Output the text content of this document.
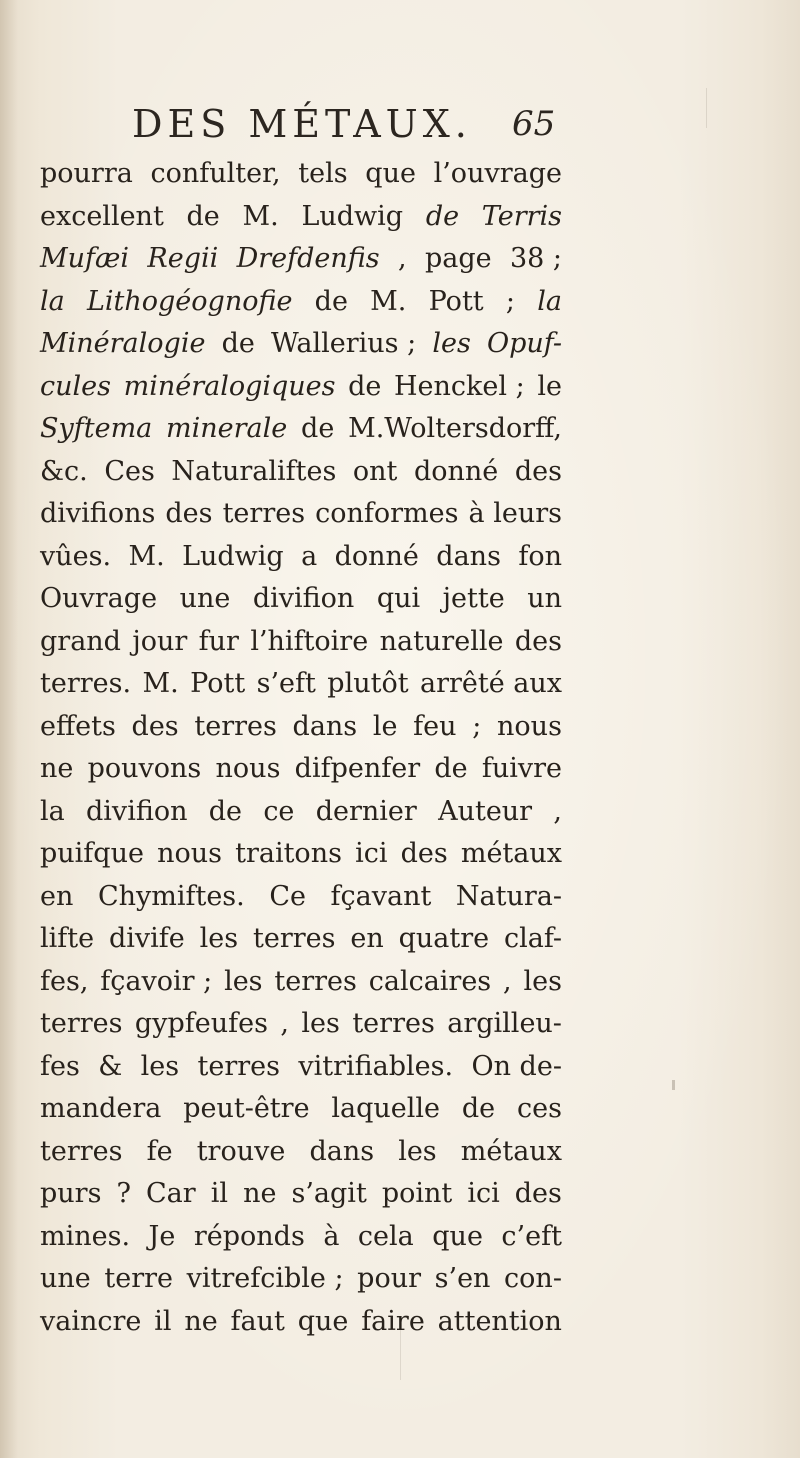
DES MÉTAUX. 65
pourra confulter, tels que l’ouvrage
excellent de M. Ludwig de Terris
Mufæi Regii Drefdenfis , page 38 ;
la Lithogéognofie de M. Pott ; la
Minéralogie de Wallerius ; les Opuf-
cules minéralogiques de Henckel ; le
Syftema minerale de M.Woltersdorff,
&c. Ces Naturaliftes ont donné des
divifions des terres conformes à leurs
vûes. M. Ludwig a donné dans fon
Ouvrage une divifion qui jette un
grand jour fur l’hiftoire naturelle des
terres. M. Pott s’eft plutôt arrêté aux
effets des terres dans le feu ; nous
ne pouvons nous difpenfer de fuivre
la divifion de ce dernier Auteur ,
puifque nous traitons ici des métaux
en Chymiftes. Ce fçavant Natura-
lifte divife les terres en quatre claf-
fes, fçavoir ; les terres calcaires , les
terres gypfeufes , les terres argilleu-
fes & les terres vitrifiables. On de-
mandera peut-être laquelle de ces
terres fe trouve dans les métaux
purs ? Car il ne s’agit point ici des
mines. Je réponds à cela que c’eft
une terre vitrefcible ; pour s’en con-
vaincre il ne faut que faire attention
